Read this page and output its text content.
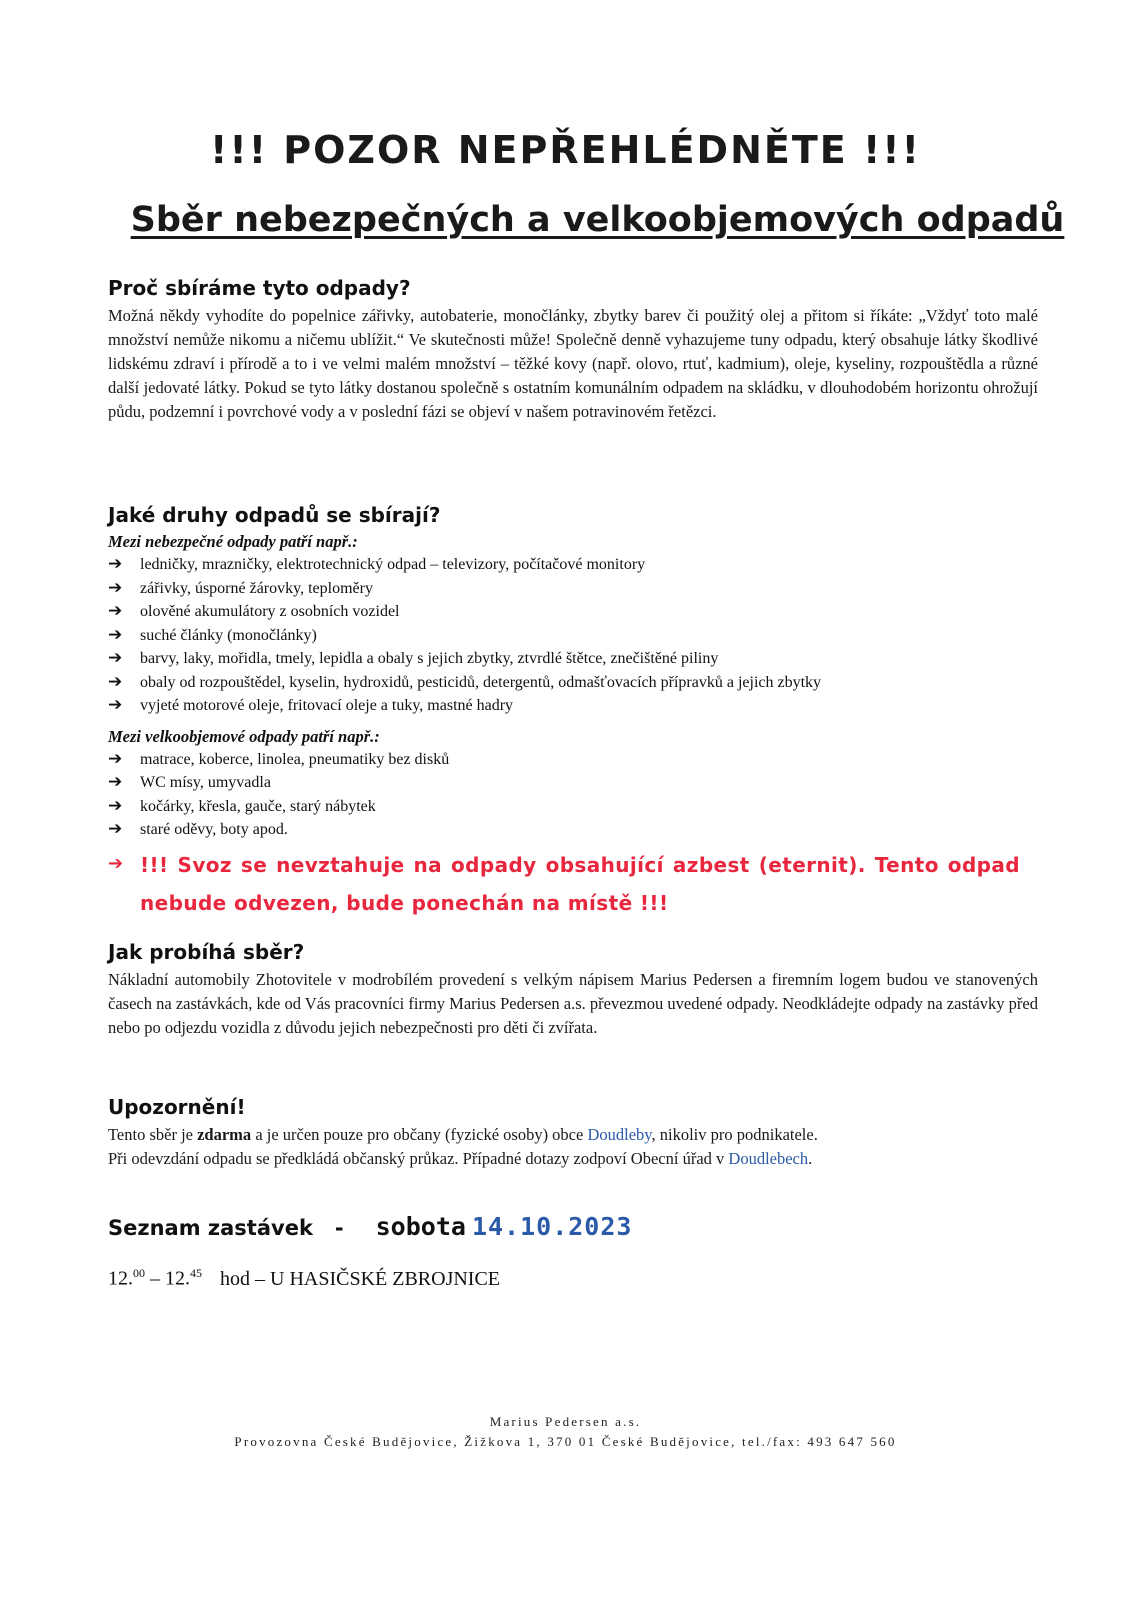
!!! POZOR NEPŘEHLÉDNĚTE !!!
Sběr nebezpečných a velkoobjemových odpadů
Proč sbíráme tyto odpady?

Možná někdy vyhodíte do popelnice zářivky, autobaterie, monočlánky, zbytky barev či použitý olej a přitom si říkáte: „Vždyť toto malé množství nemůže nikomu a ničemu ublížit.“ Ve skutečnosti může! Společně denně vyhazujeme tuny odpadu, který obsahuje látky škodlivé lidskému zdraví i přírodě a to i ve velmi malém množství – těžké kovy (např. olovo, rtuť, kadmium), oleje, kyseliny, rozpouštědla a různé další jedovaté látky. Pokud se tyto látky dostanou společně s ostatním komunálním odpadem na skládku, v dlouhodobém horizontu ohrožují půdu, podzemní i povrchové vody a v poslední fázi se objeví v našem potravinovém řetězci.

Jaké druhy odpadů se sbírají?

Mezi nebezpečné odpady patří např.:

➔	ledničky, mrazničky, elektrotechnický odpad – televizory, počítačové monitory
➔	zářivky, úsporné žárovky, teploměry
➔	olověné akumulátory z osobních vozidel
➔	suché články (monočlánky)
➔	barvy, laky, mořidla, tmely, lepidla a obaly s jejich zbytky, ztvrdlé štětce, znečištěné piliny
➔	obaly od rozpouštědel, kyselin, hydroxidů, pesticidů, detergentů, odmašťovacích přípravků a jejich zbytky
➔	vyjeté motorové oleje, fritovací oleje a tuky, mastné hadry

Mezi velkoobjemové odpady patří např.:

➔	matrace, koberce, linolea, pneumatiky bez disků
➔	WC mísy, umyvadla
➔	kočárky, křesla, gauče, starý nábytek
➔	staré oděvy, boty apod.
➔ !!! Svoz se nevztahuje na odpady obsahující azbest (eternit). Tento odpad nebude odvezen, bude ponechán na místě !!!
Jak probíhá sběr?

Nákladní automobily Zhotovitele v modrobílém provedení s velkým nápisem Marius Pedersen a firemním logem budou ve stanovených časech na zastávkách, kde od Vás pracovníci firmy Marius Pedersen a.s. převezmou uvedené odpady. Neodkládejte odpady na zastávky před nebo po odjezdu vozidla z důvodu jejich nebezpečnosti pro děti či zvířata.

Upozornění!

Tento sběr je zdarma a je určen pouze pro občany (fyzické osoby) obce Doudleby, nikoliv pro podnikatele.

Při odevzdání odpadu se předkládá občanský průkaz. Případné dotazy zodpoví Obecní úřad v Doudlebech.

Seznam zastávek - sobota 14.10.2023
12.00 – 12.45 hod – U HASIČSKÉ ZBROJNICE
Marius Pedersen a.s.
Provozovna České Budějovice, Žižkova 1, 370 01 České Budějovice, tel./fax: 493 647 560
